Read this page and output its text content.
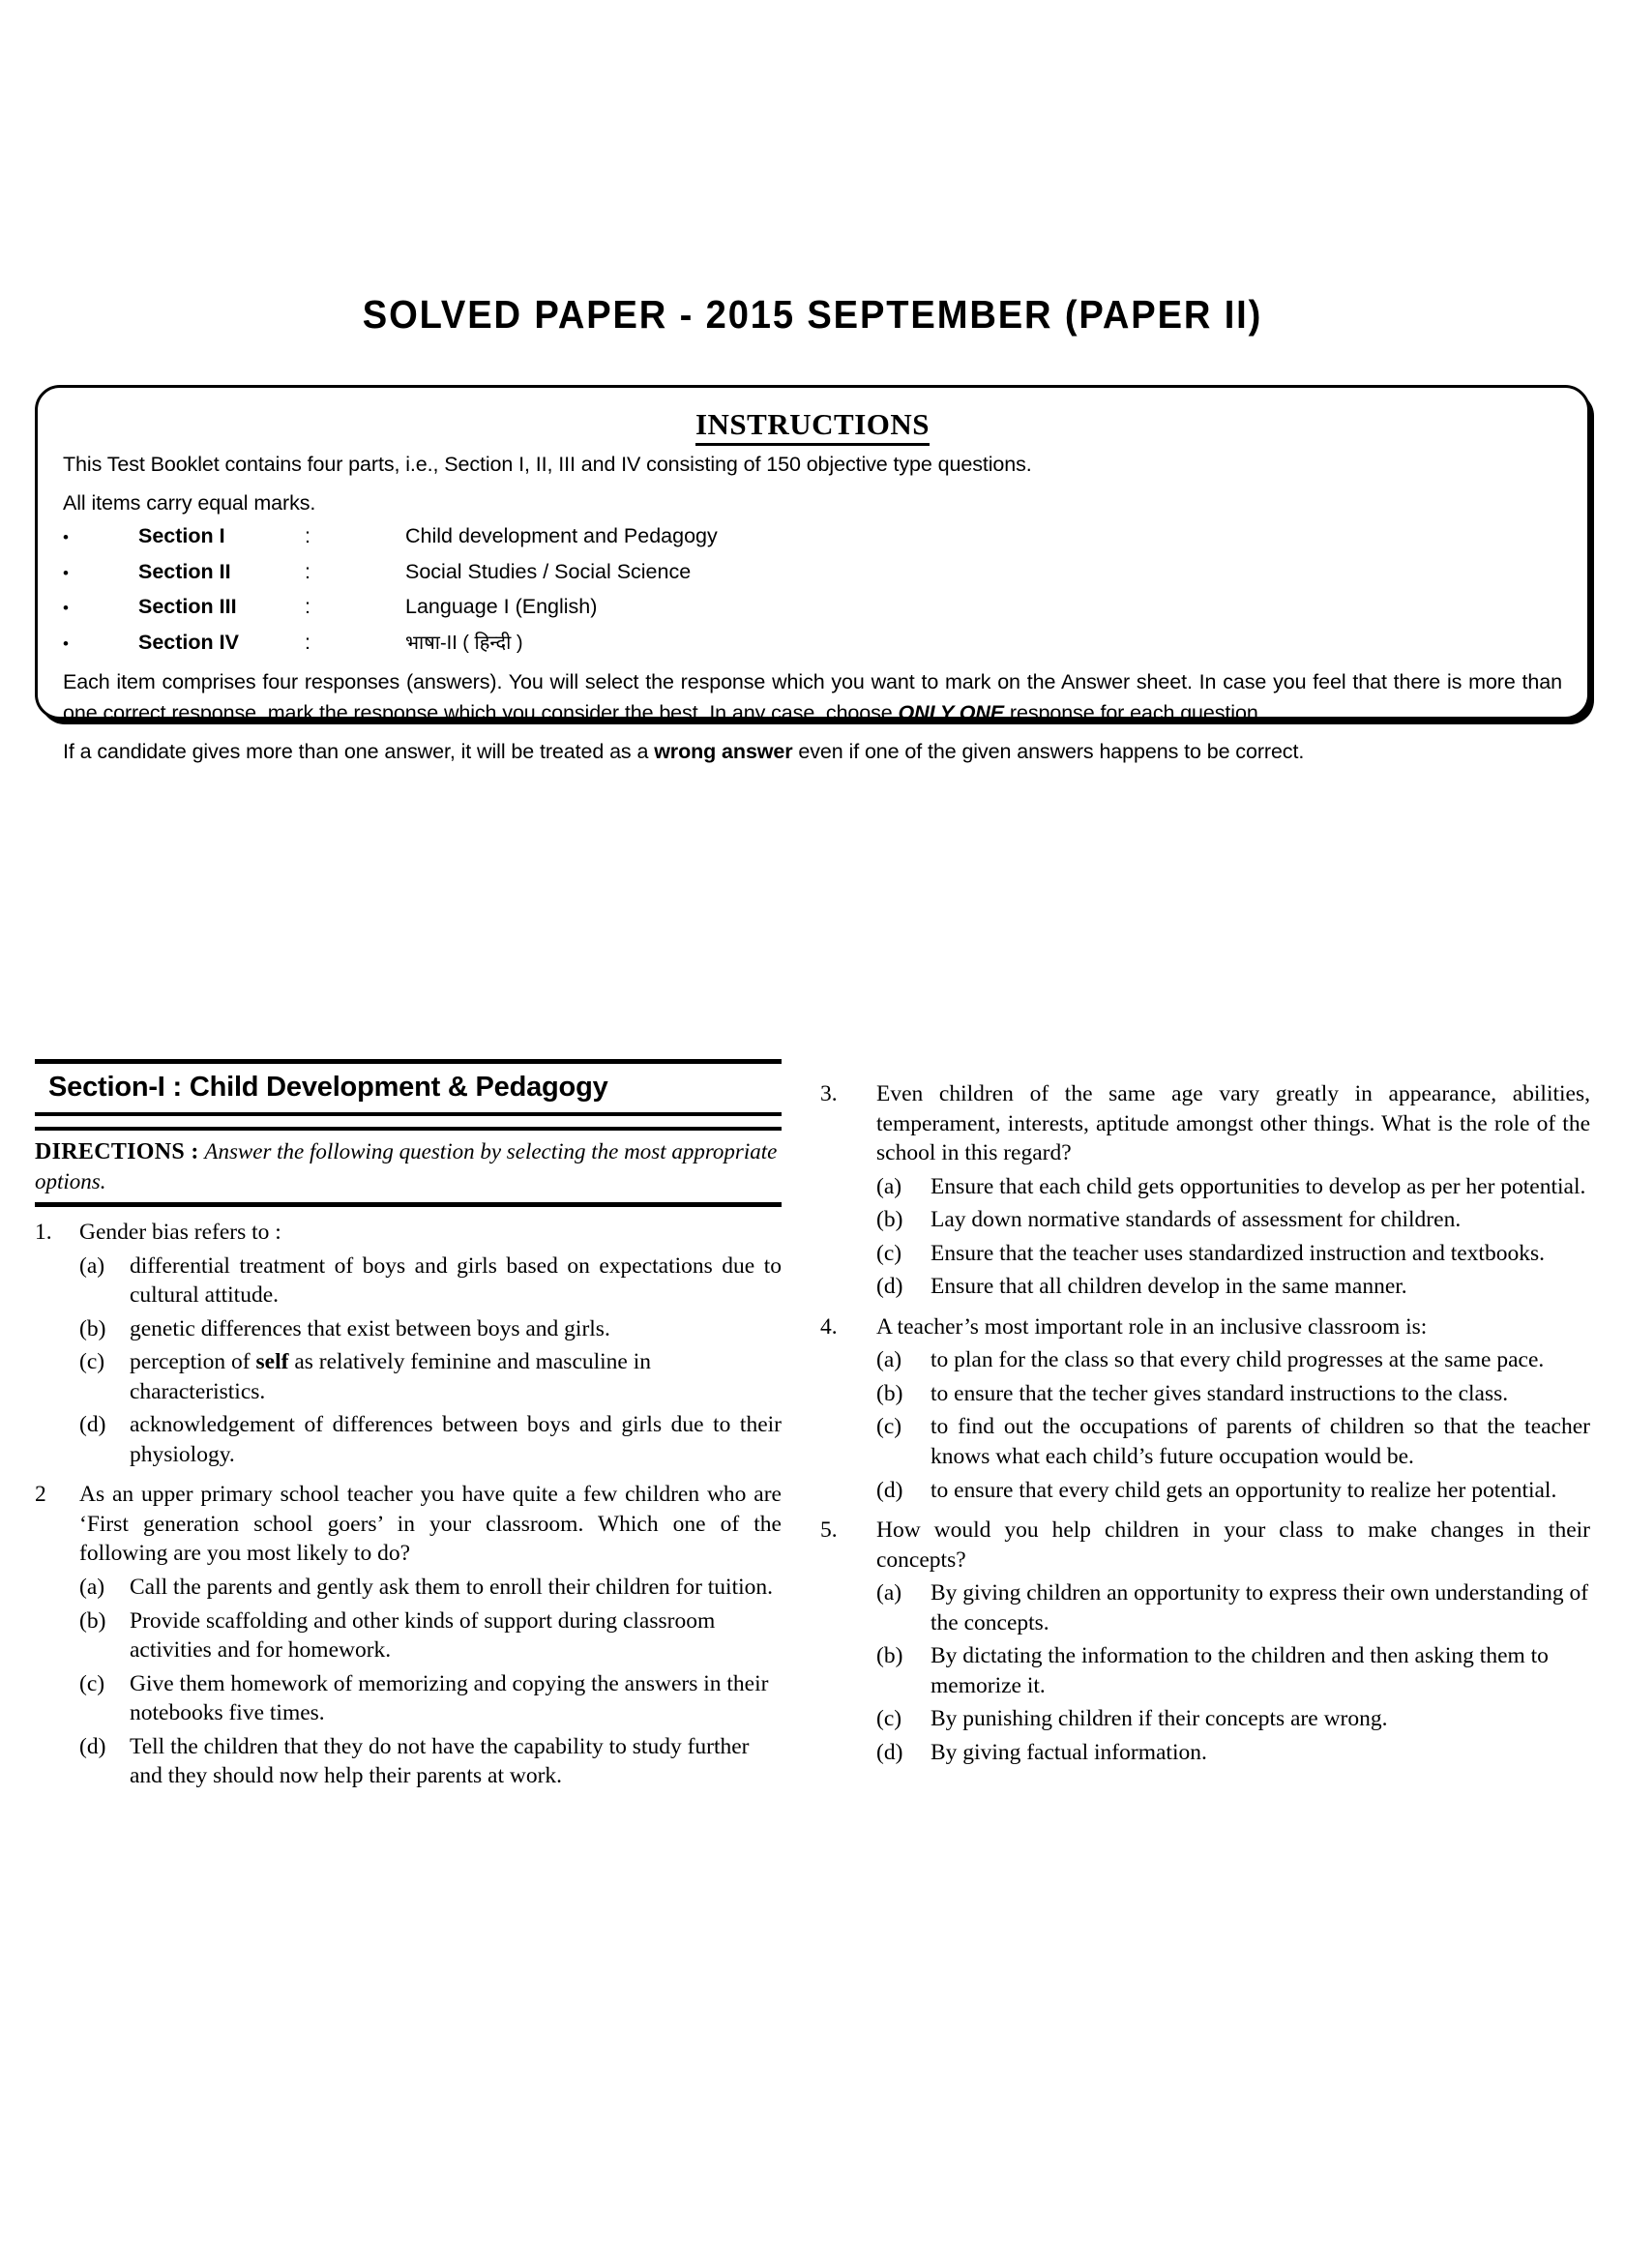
SOLVED PAPER - 2015 SEPTEMBER (PAPER II)
INSTRUCTIONS

This Test Booklet contains four parts, i.e., Section I, II, III and IV consisting of 150 objective type questions.

All items carry equal marks.

•	Section I	:	Child development and Pedagogy
•	Section II	:	Social Studies / Social Science
•	Section III	:	Language I (English)
•	Section IV	:	भाषा-II ( हिन्दी )

Each item comprises four responses (answers). You will select the response which you want to mark on the Answer sheet. In case you feel that there is more than one correct response, mark the response which you consider the best. In any case, choose ONLY ONE response for each question.

If a candidate gives more than one answer, it will be treated as a wrong answer even if one of the given answers happens to be correct.

Section-I : Child Development & Pedagogy
DIRECTIONS : Answer the following question by selecting the most appropriate options.
1.	Gender bias refers to :
(a)	differential treatment of boys and girls based on expectations due to cultural attitude.
(b)	genetic differences that exist between boys and girls.
(c)	perception of self as relatively feminine and masculine in characteristics.
(d)	acknowledgement of differences between boys and girls due to their physiology.
2	As an upper primary school teacher you have quite a few children who are ‘First generation school goers’ in your classroom. Which one of the following are you most likely to do?
(a)	Call the parents and gently ask them to enroll their children for tuition.
(b)	Provide scaffolding and other kinds of support during classroom activities and for homework.
(c)	Give them homework of memorizing and copying the answers in their notebooks five times.
(d)	Tell the children that they do not have the capability to study further and they should now help their parents at work.
3.	Even children of the same age vary greatly in appearance, abilities, temperament, interests, aptitude amongst other things. What is the role of the school in this regard?
(a)	Ensure that each child gets opportunities to develop as per her potential.
(b)	Lay down normative standards of assessment for children.
(c)	Ensure that the teacher uses standardized instruction and textbooks.
(d)	Ensure that all children develop in the same manner.
4.	A teacher’s most important role in an inclusive classroom is:
(a)	to plan for the class so that every child progresses at the same pace.
(b)	to ensure that the techer gives standard instructions to the class.
(c)	to find out the occupations of parents of children so that the teacher knows what each child’s future occupation would be.
(d)	to ensure that every child gets an opportunity to realize her potential.
5.	How would you help children in your class to make changes in their concepts?
(a)	By giving children an opportunity to express their own understanding of the concepts.
(b)	By dictating the information to the children and then asking them to memorize it.
(c)	By punishing children if their concepts are wrong.
(d)	By giving factual information.
